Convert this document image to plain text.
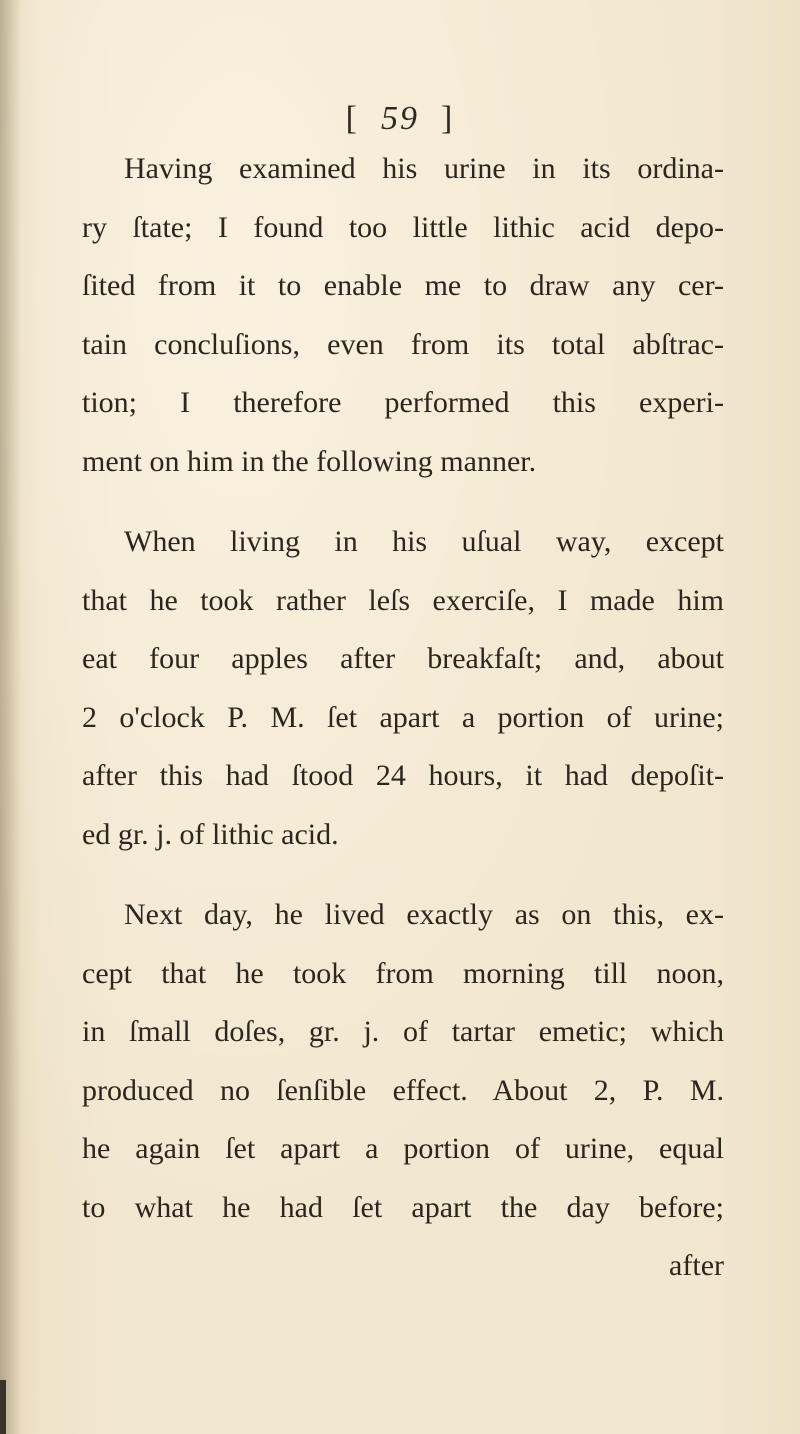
[ 59 ]
Having examined his urine in its ordina-
ry ſtate; I found too little lithic acid depo-
ſited from it to enable me to draw any cer-
tain concluſions, even from its total abſtrac-
tion; I therefore performed this experi-
ment on him in the following manner.
When living in his uſual way, except
that he took rather leſs exerciſe, I made him
eat four apples after breakfaſt; and, about
2 o'clock P. M. ſet apart a portion of urine;
after this had ſtood 24 hours, it had depoſit-
ed gr. j. of lithic acid.
Next day, he lived exactly as on this, ex-
cept that he took from morning till noon,
in ſmall doſes, gr. j. of tartar emetic; which
produced no ſenſible effect. About 2, P. M.
he again ſet apart a portion of urine, equal
to what he had ſet apart the day before;
after
